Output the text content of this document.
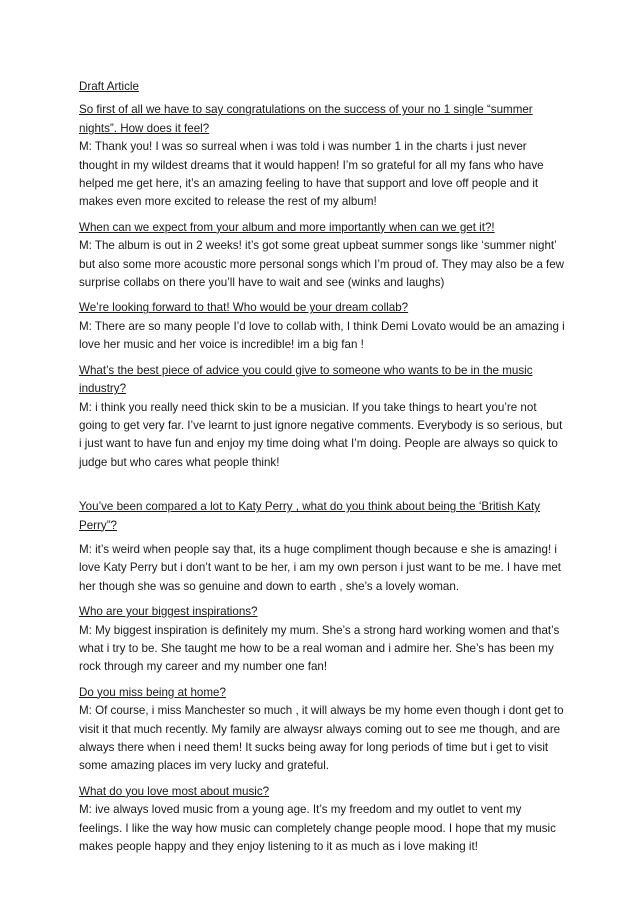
Draft Article
So first of all we have to say congratulations on the success of your no 1 single “summer nights”. How does it feel?
M: Thank you! I was so surreal when i was told i was number 1 in the charts i just never thought in my wildest dreams that it would happen! I’m so grateful for all my fans who have helped me get here, it’s an amazing feeling to have that support and love off people and it makes even more excited to release the rest of my album!
When can we expect from your album and more importantly when can we get it?!
M: The album is out in 2 weeks! it’s got some great upbeat summer songs like ‘summer night’ but also some more acoustic more personal songs which I’m proud of. They may also be a few surprise collabs on there you’ll have to wait and see (winks and laughs)
We’re looking forward to that! Who would be your dream collab?
M: There are so many people I’d love to collab with, I think Demi Lovato would be an amazing i love her music and her voice is incredible! im a big fan !
What’s the best piece of advice you could give to someone who wants to be in the music industry?
M: i think you really need thick skin to be a musician. If you take things to heart you’re not going to get very far. I’ve learnt to just ignore negative comments. Everybody is so serious, but i just want to have fun and enjoy my time doing what I’m doing. People are always so quick to judge but who cares what people think!
You’ve been compared a lot to Katy Perry , what do you think about being the ‘British Katy Perry”?
M: it’s weird when people say that, its a huge compliment though because e she is amazing! i love Katy Perry but i don’t want to be her, i am my own person i just want to be me. I have met her though she was so genuine and down to earth , she’s a lovely woman.
Who are your biggest inspirations?
M: My biggest inspiration is definitely my mum. She’s a strong hard working women and that’s what i try to be. She taught me how to be a real woman and i admire her. She’s has been my rock through my career and my number one fan!
Do you miss being at home?
M: Of course, i miss Manchester so much , it will always be my home even though i dont get to visit it that much recently. My family are alwaysr always coming out to see me though, and are always there when i need them! It sucks being away for long periods of time but i get to visit some amazing places im very lucky and grateful.
What do you love most about music?
M: ive always loved music from a young age. It’s my freedom and my outlet to vent my feelings. I like the way how music can completely change people mood. I hope that my music makes people happy and they enjoy listening to it as much as i love making it!
